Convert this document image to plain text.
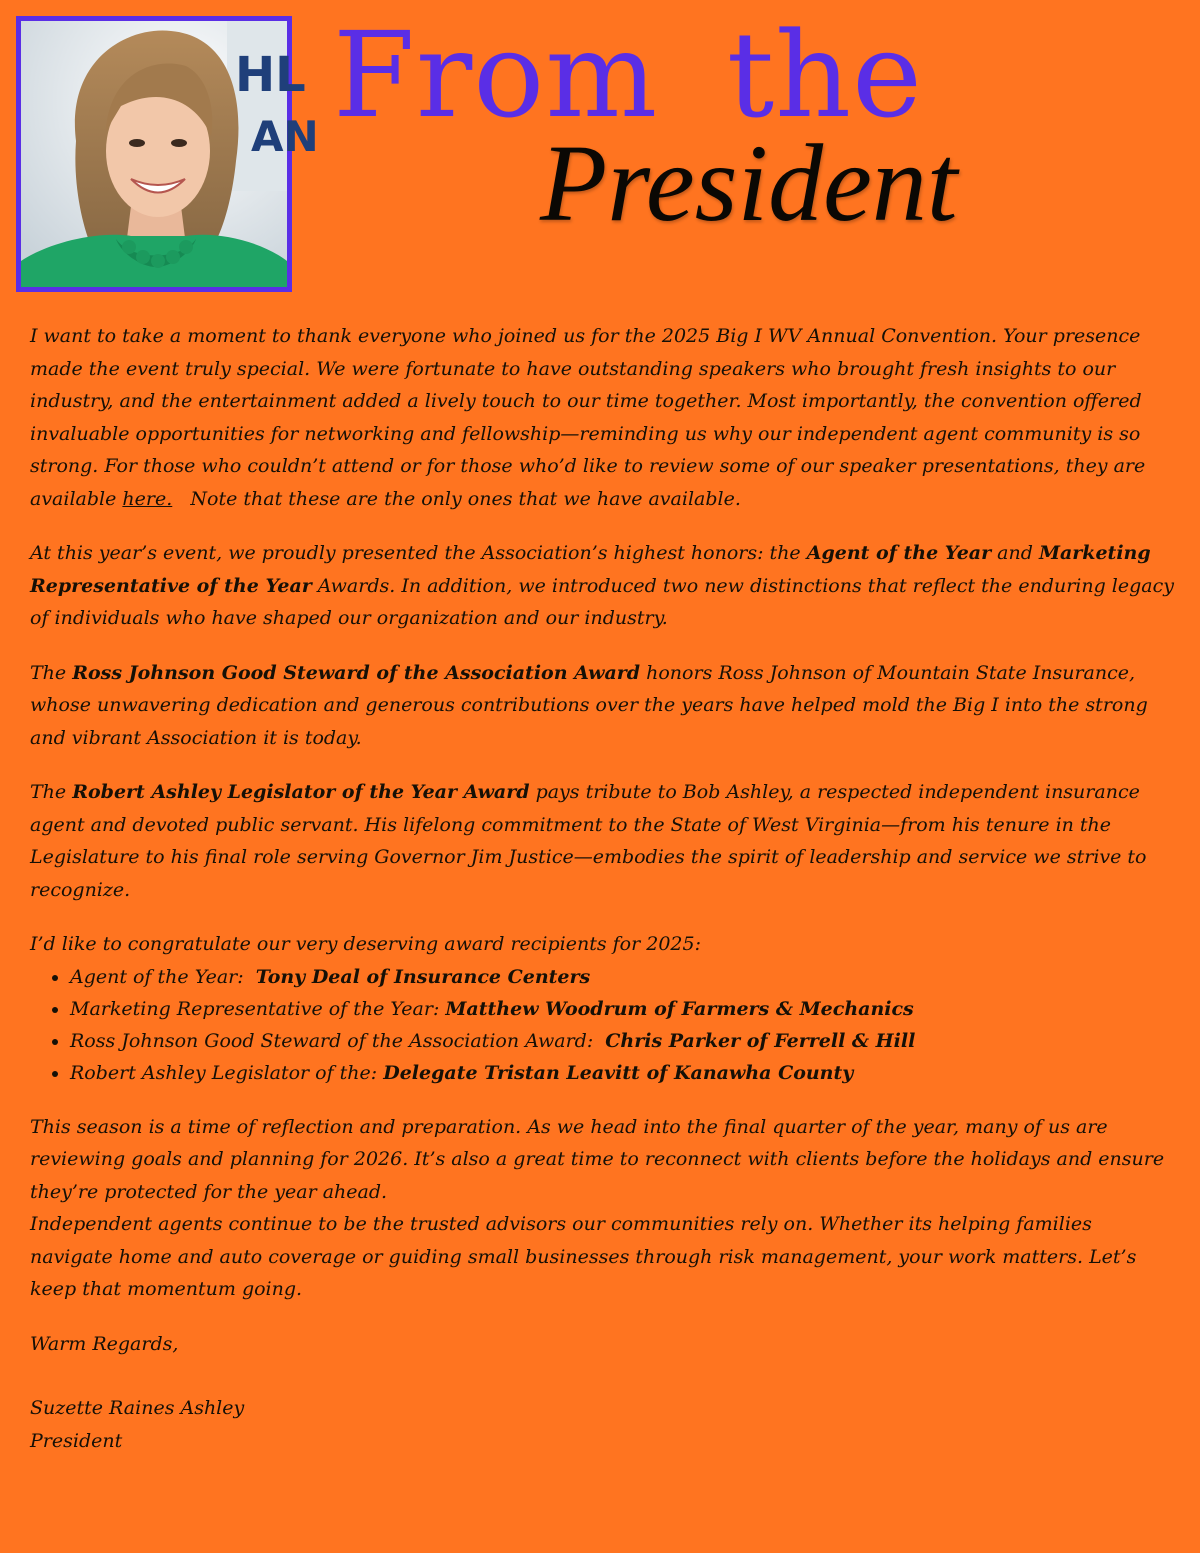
HL
AN From the
President

I want to take a moment to thank everyone who joined us for the 2025 Big I WV Annual Convention. Your presence made the event truly special. We were fortunate to have outstanding speakers who brought fresh insights to our industry, and the entertainment added a lively touch to our time together. Most importantly, the convention offered invaluable opportunities for networking and fellowship—reminding us why our independent agent community is so strong. For those who couldn’t attend or for those who’d like to review some of our speaker presentations, they are available here.   Note that these are the only ones that we have available.

At this year’s event, we proudly presented the Association’s highest honors: the Agent of the Year and Marketing Representative of the Year Awards. In addition, we introduced two new distinctions that reflect the enduring legacy of individuals who have shaped our organization and our industry.

The Ross Johnson Good Steward of the Association Award honors Ross Johnson of Mountain State Insurance, whose unwavering dedication and generous contributions over the years have helped mold the Big I into the strong and vibrant Association it is today.

The Robert Ashley Legislator of the Year Award pays tribute to Bob Ashley, a respected independent insurance agent and devoted public servant. His lifelong commitment to the State of West Virginia—from his tenure in the Legislature to his final role serving Governor Jim Justice—embodies the spirit of leadership and service we strive to recognize.

I’d like to congratulate our very deserving award recipients for 2025:

• Agent of the Year:  Tony Deal of Insurance Centers
• Marketing Representative of the Year: Matthew Woodrum of Farmers & Mechanics
• Ross Johnson Good Steward of the Association Award:  Chris Parker of Ferrell & Hill
• Robert Ashley Legislator of the: Delegate Tristan Leavitt of Kanawha County

This season is a time of reflection and preparation. As we head into the final quarter of the year, many of us are reviewing goals and planning for 2026. It’s also a great time to reconnect with clients before the holidays and ensure they’re protected for the year ahead.

Independent agents continue to be the trusted advisors our communities rely on. Whether its helping families navigate home and auto coverage or guiding small businesses through risk management, your work matters. Let’s keep that momentum going.

Warm Regards,

Suzette Raines Ashley

President
